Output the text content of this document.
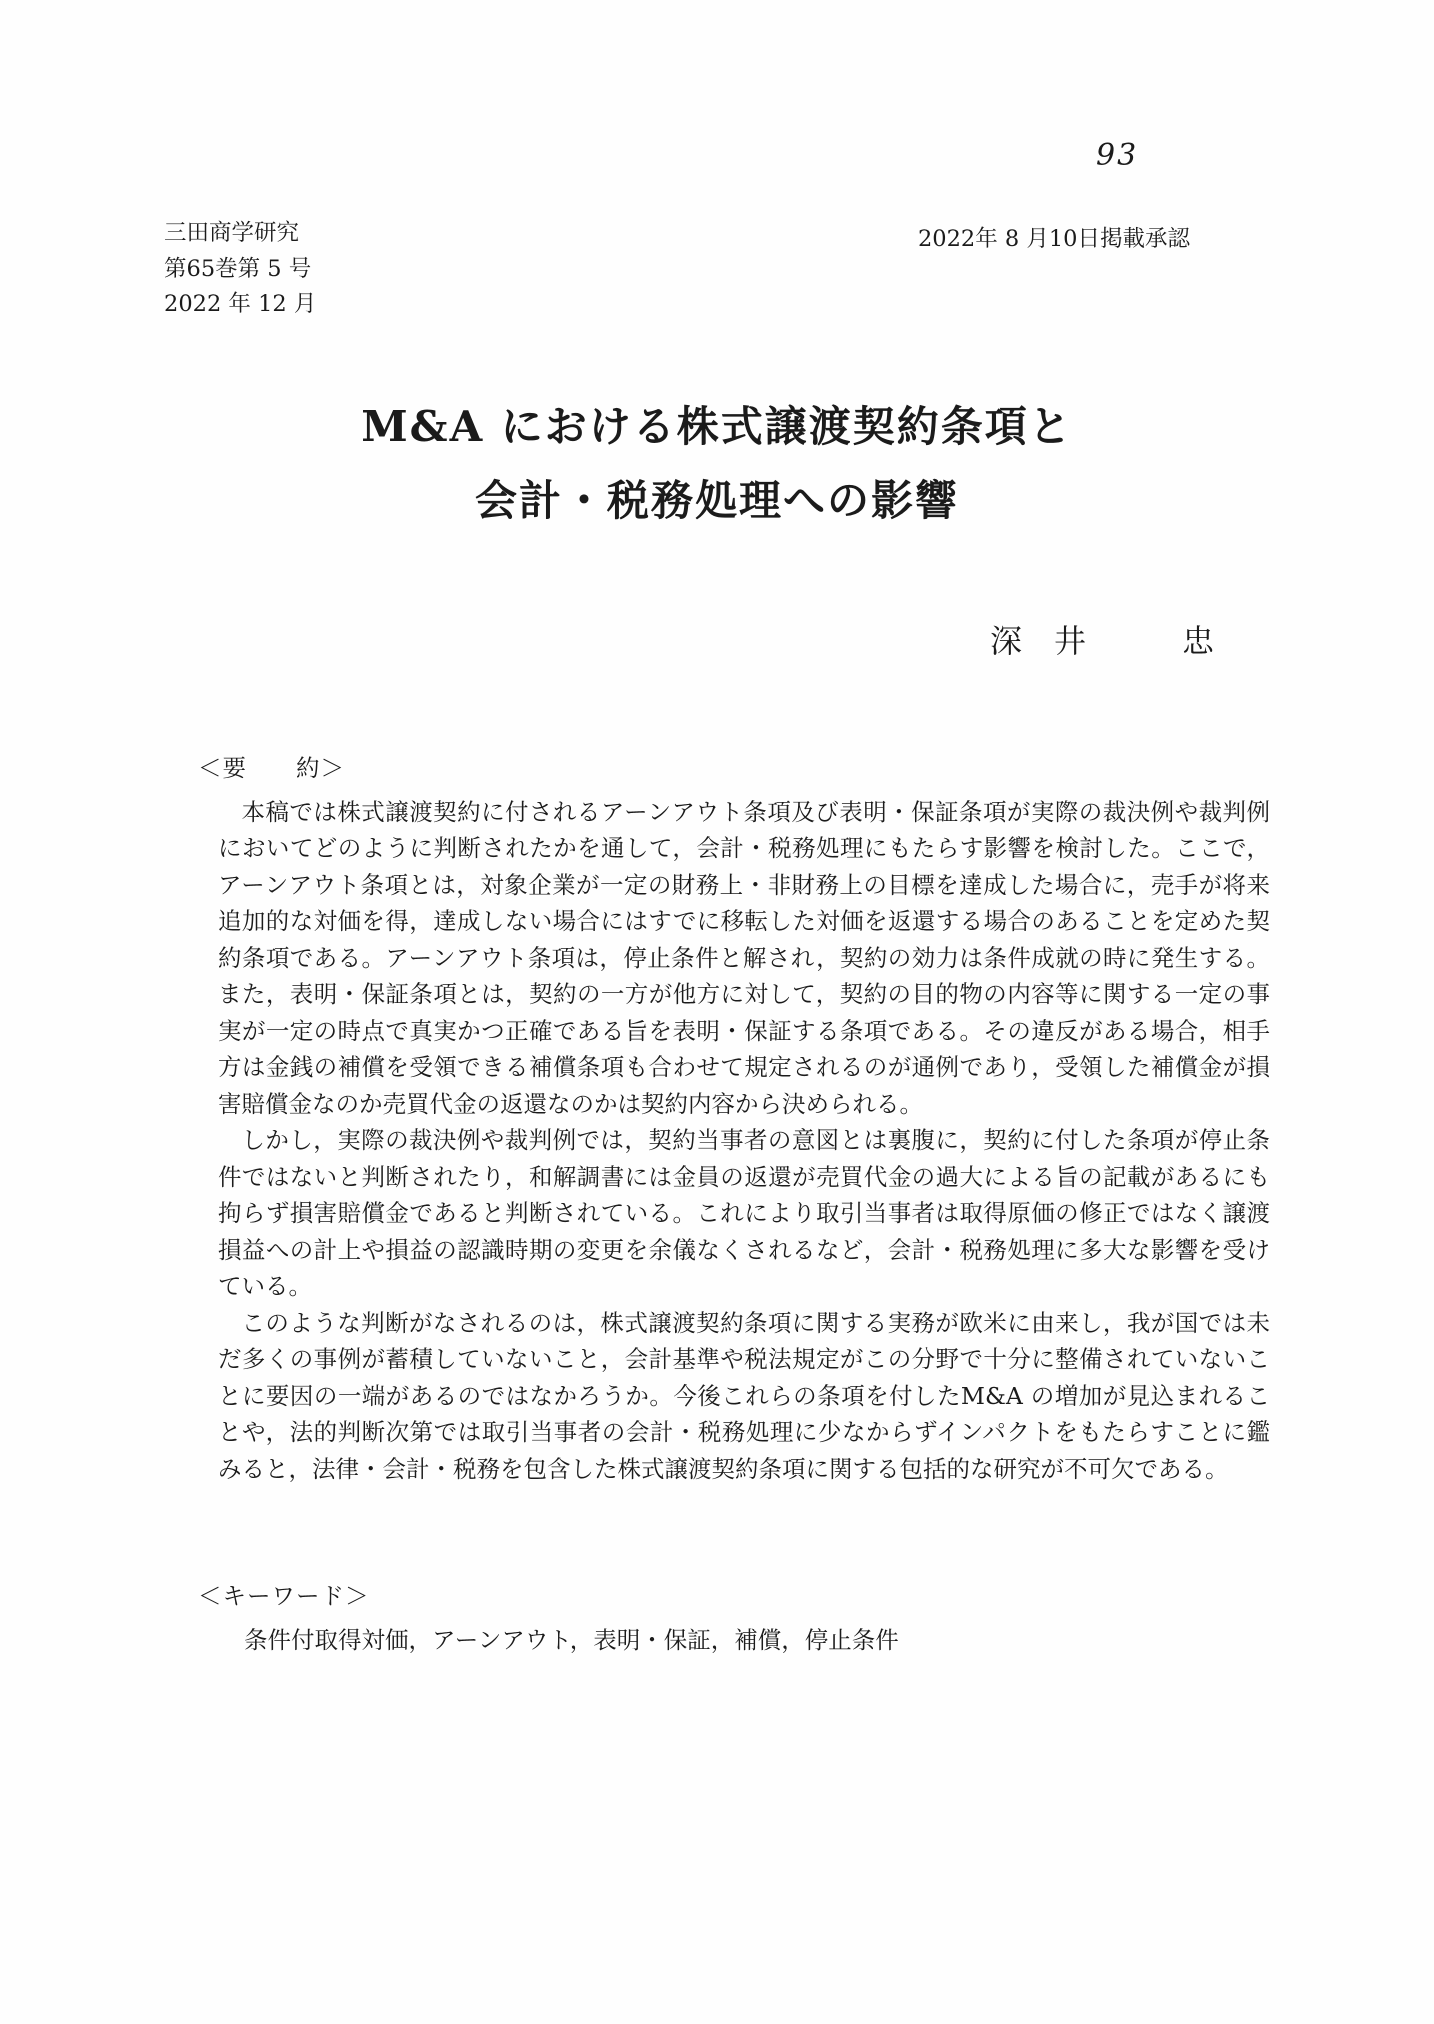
93
三田商学研究
第65巻第 5 号
2022 年 12 月
2022年 8 月10日掲載承認
M&A における株式譲渡契約条項と
会計・税務処理への影響
深　井　　　忠
＜要　　約＞

本稿では株式譲渡契約に付されるアーンアウト条項及び表明・保証条項が実際の裁決例や裁判例においてどのように判断されたかを通して，会計・税務処理にもたらす影響を検討した。ここで，アーンアウト条項とは，対象企業が一定の財務上・非財務上の目標を達成した場合に，売手が将来追加的な対価を得，達成しない場合にはすでに移転した対価を返還する場合のあることを定めた契約条項である。アーンアウト条項は，停止条件と解され，契約の効力は条件成就の時に発生する。また，表明・保証条項とは，契約の一方が他方に対して，契約の目的物の内容等に関する一定の事実が一定の時点で真実かつ正確である旨を表明・保証する条項である。その違反がある場合，相手方は金銭の補償を受領できる補償条項も合わせて規定されるのが通例であり，受領した補償金が損害賠償金なのか売買代金の返還なのかは契約内容から決められる。

しかし，実際の裁決例や裁判例では，契約当事者の意図とは裏腹に，契約に付した条項が停止条件ではないと判断されたり，和解調書には金員の返還が売買代金の過大による旨の記載があるにも拘らず損害賠償金であると判断されている。これにより取引当事者は取得原価の修正ではなく譲渡損益への計上や損益の認識時期の変更を余儀なくされるなど，会計・税務処理に多大な影響を受けている。

このような判断がなされるのは，株式譲渡契約条項に関する実務が欧米に由来し，我が国では未だ多くの事例が蓄積していないこと，会計基準や税法規定がこの分野で十分に整備されていないことに要因の一端があるのではなかろうか。今後これらの条項を付したM&A の増加が見込まれることや，法的判断次第では取引当事者の会計・税務処理に少なからずインパクトをもたらすことに鑑みると，法律・会計・税務を包含した株式譲渡契約条項に関する包括的な研究が不可欠である。

＜キーワード＞
条件付取得対価，アーンアウト，表明・保証，補償，停止条件
